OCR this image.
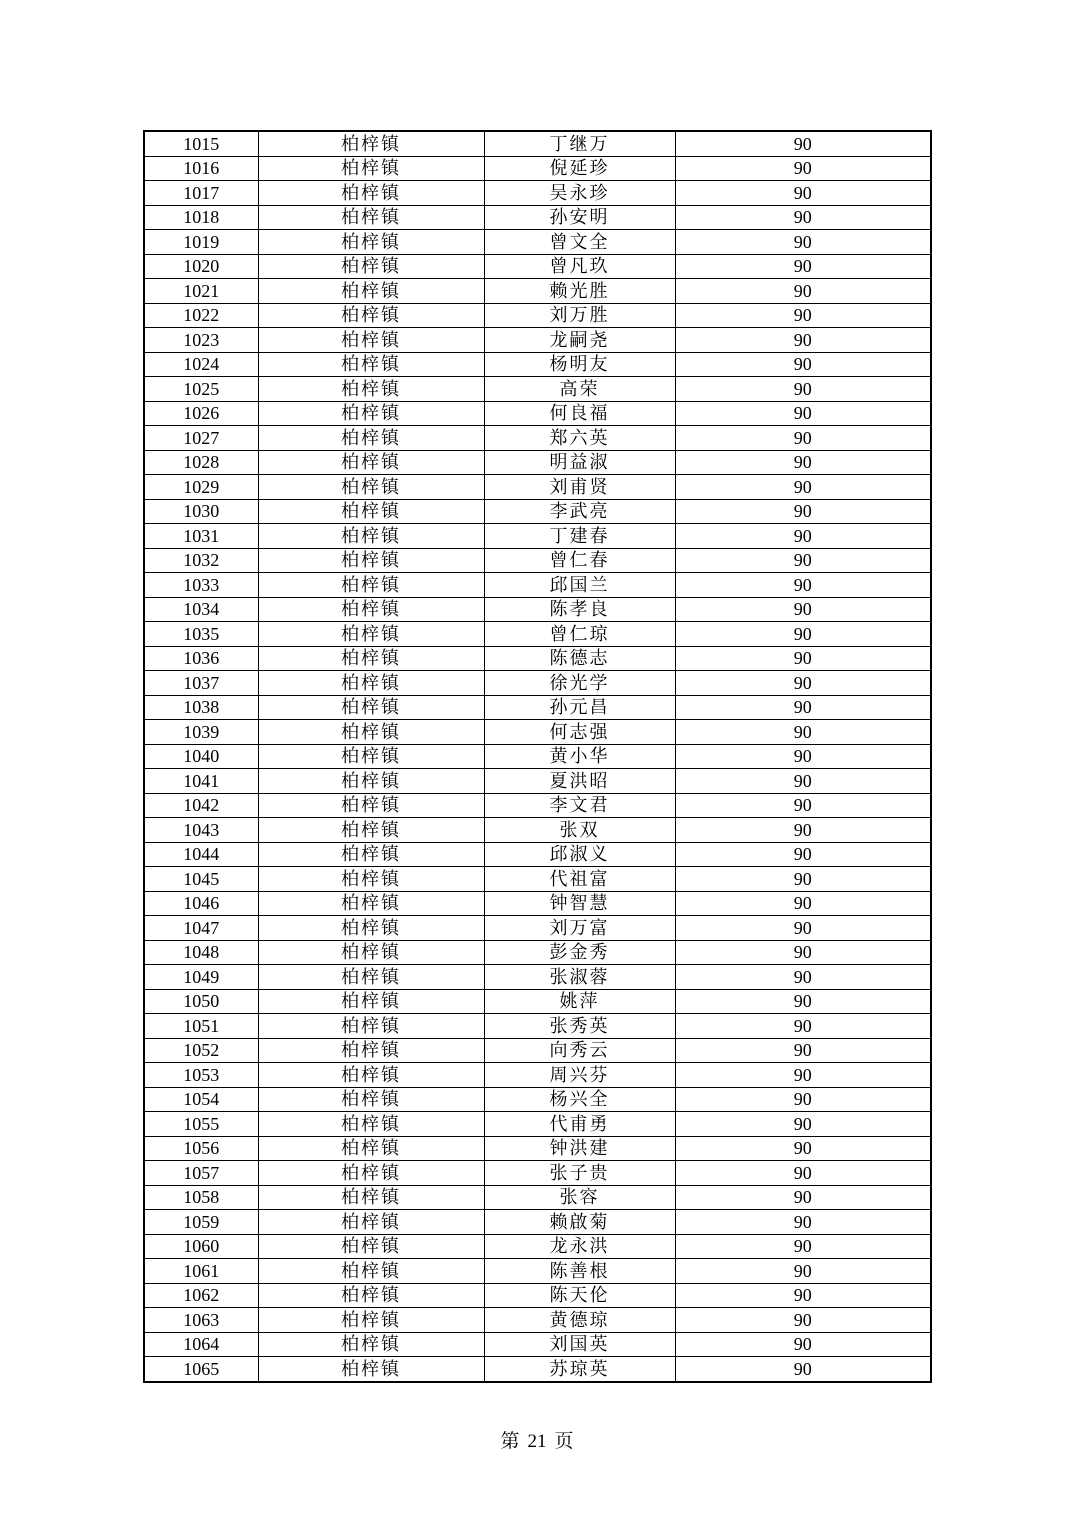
1015	柏梓镇	丁继万	90
1016	柏梓镇	倪延珍	90
1017	柏梓镇	吴永珍	90
1018	柏梓镇	孙安明	90
1019	柏梓镇	曾文全	90
1020	柏梓镇	曾凡玖	90
1021	柏梓镇	赖光胜	90
1022	柏梓镇	刘万胜	90
1023	柏梓镇	龙嗣尧	90
1024	柏梓镇	杨明友	90
1025	柏梓镇	高荣	90
1026	柏梓镇	何良福	90
1027	柏梓镇	郑六英	90
1028	柏梓镇	明益淑	90
1029	柏梓镇	刘甫贤	90
1030	柏梓镇	李武亮	90
1031	柏梓镇	丁建春	90
1032	柏梓镇	曾仁春	90
1033	柏梓镇	邱国兰	90
1034	柏梓镇	陈孝良	90
1035	柏梓镇	曾仁琼	90
1036	柏梓镇	陈德志	90
1037	柏梓镇	徐光学	90
1038	柏梓镇	孙元昌	90
1039	柏梓镇	何志强	90
1040	柏梓镇	黄小华	90
1041	柏梓镇	夏洪昭	90
1042	柏梓镇	李文君	90
1043	柏梓镇	张双	90
1044	柏梓镇	邱淑义	90
1045	柏梓镇	代祖富	90
1046	柏梓镇	钟智慧	90
1047	柏梓镇	刘万富	90
1048	柏梓镇	彭金秀	90
1049	柏梓镇	张淑蓉	90
1050	柏梓镇	姚萍	90
1051	柏梓镇	张秀英	90
1052	柏梓镇	向秀云	90
1053	柏梓镇	周兴芬	90
1054	柏梓镇	杨兴全	90
1055	柏梓镇	代甫勇	90
1056	柏梓镇	钟洪建	90
1057	柏梓镇	张子贵	90
1058	柏梓镇	张容	90
1059	柏梓镇	赖啟菊	90
1060	柏梓镇	龙永洪	90
1061	柏梓镇	陈善根	90
1062	柏梓镇	陈天伦	90
1063	柏梓镇	黄德琼	90
1064	柏梓镇	刘国英	90
1065	柏梓镇	苏琼英	90
第 21 页
